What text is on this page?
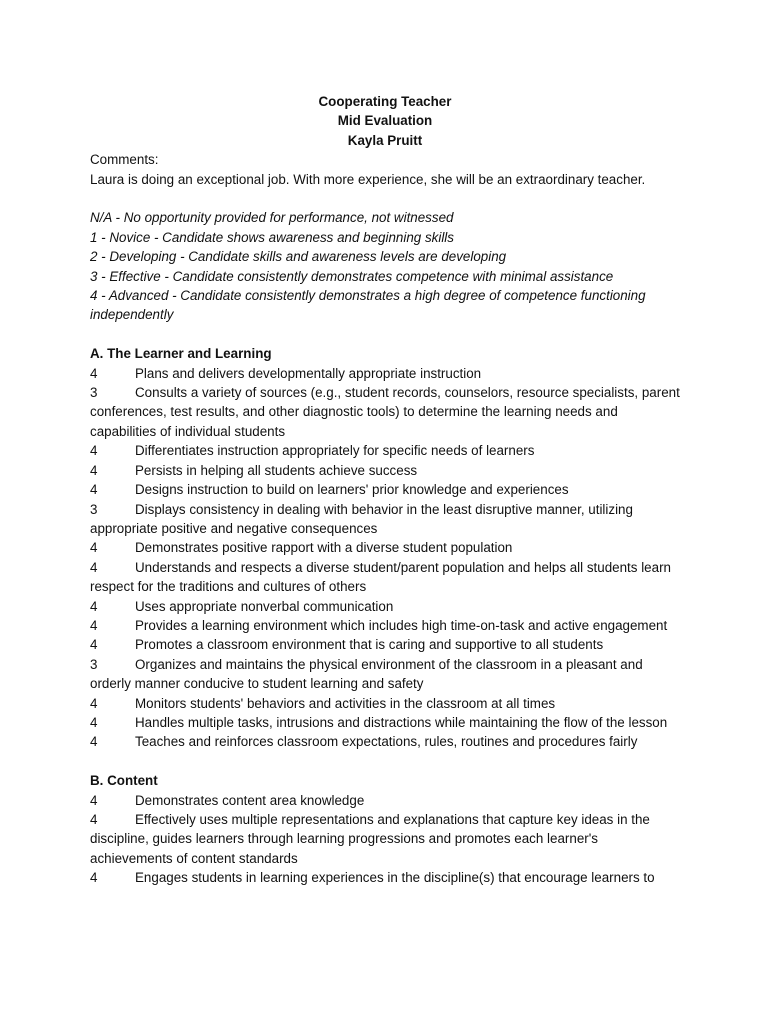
Cooperating Teacher
Mid Evaluation
Kayla Pruitt
Comments:
Laura is doing an exceptional job. With more experience, she will be an extraordinary teacher.
N/A - No opportunity provided for performance, not witnessed
1 - Novice - Candidate shows awareness and beginning skills
2 - Developing - Candidate skills and awareness levels are developing
3 - Effective - Candidate consistently demonstrates competence with minimal assistance
4 - Advanced - Candidate consistently demonstrates a high degree of competence functioning independently
A. The Learner and Learning
4	Plans and delivers developmentally appropriate instruction
3	Consults a variety of sources (e.g., student records, counselors, resource specialists, parent conferences, test results, and other diagnostic tools) to determine the learning needs and capabilities of individual students
4	Differentiates instruction appropriately for specific needs of learners
4	Persists in helping all students achieve success
4	Designs instruction to build on learners' prior knowledge and experiences
3	Displays consistency in dealing with behavior in the least disruptive manner, utilizing appropriate positive and negative consequences
4	Demonstrates positive rapport with a diverse student population
4	Understands and respects a diverse student/parent population and helps all students learn respect for the traditions and cultures of others
4	Uses appropriate nonverbal communication
4	Provides a learning environment which includes high time-on-task and active engagement
4	Promotes a classroom environment that is caring and supportive to all students
3	Organizes and maintains the physical environment of the classroom in a pleasant and orderly manner conducive to student learning and safety
4	Monitors students' behaviors and activities in the classroom at all times
4	Handles multiple tasks, intrusions and distractions while maintaining the flow of the lesson
4	Teaches and reinforces classroom expectations, rules, routines and procedures fairly
B. Content
4	Demonstrates content area knowledge
4	Effectively uses multiple representations and explanations that capture key ideas in the discipline, guides learners through learning progressions and promotes each learner's achievements of content standards
4	Engages students in learning experiences in the discipline(s) that encourage learners to
